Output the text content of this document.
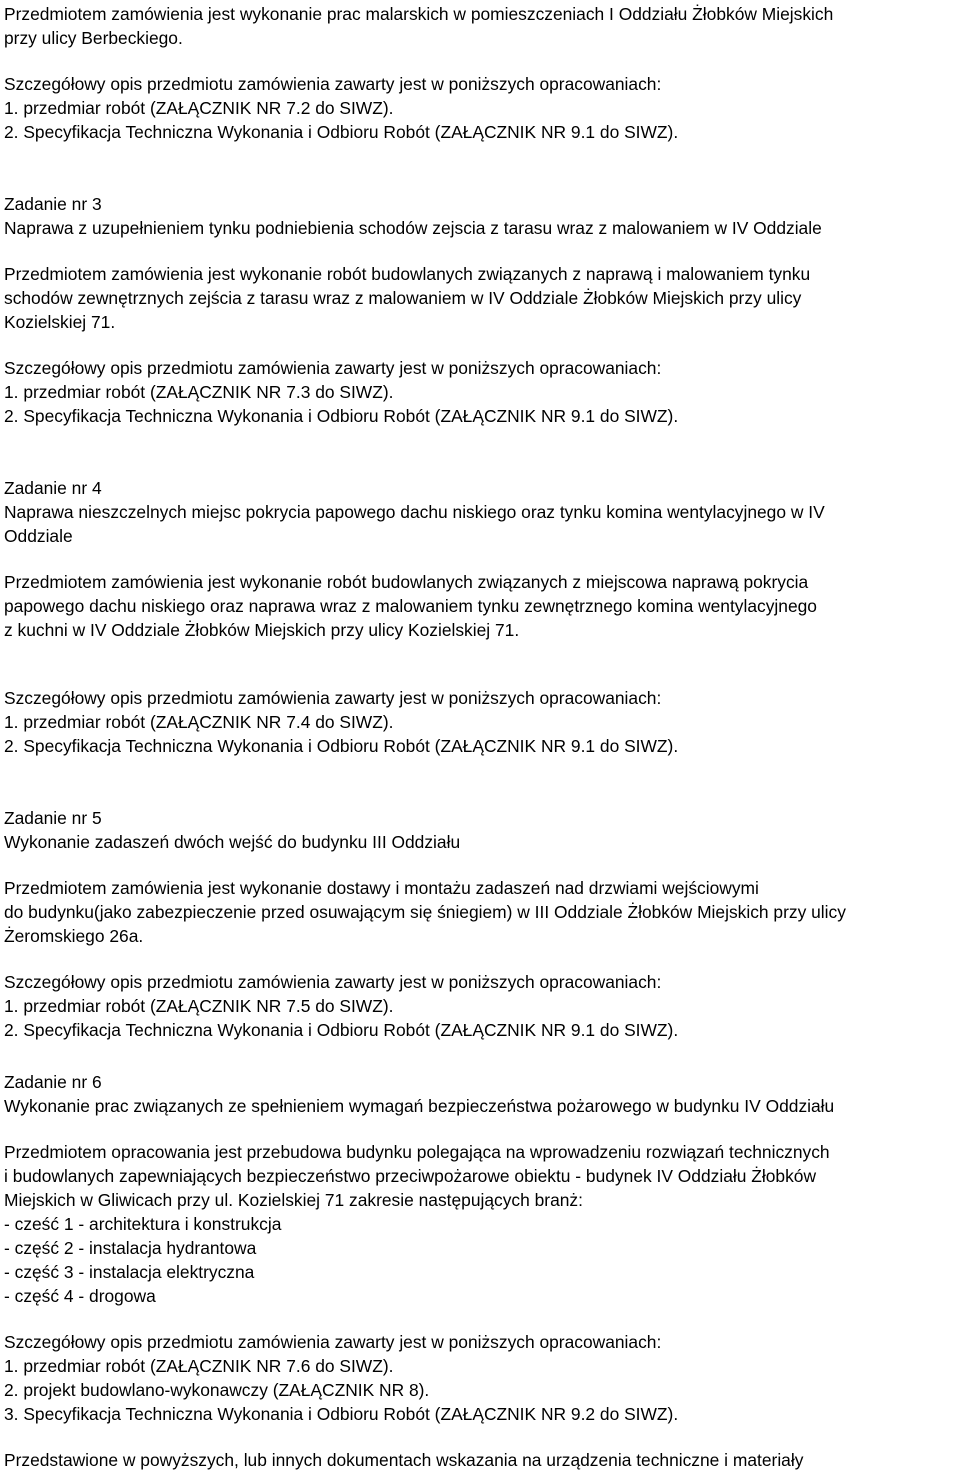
Przedmiotem zamówienia jest wykonanie prac malarskich w pomieszczeniach I Oddziału Żłobków Miejskich
przy ulicy Berbeckiego.
Szczegółowy opis przedmiotu zamówienia zawarty jest w poniższych opracowaniach:
1. przedmiar robót (ZAŁĄCZNIK NR 7.2 do SIWZ).
2. Specyfikacja Techniczna Wykonania i Odbioru Robót (ZAŁĄCZNIK NR 9.1 do SIWZ).
Zadanie nr 3
Naprawa z uzupełnieniem tynku podniebienia schodów zejscia z tarasu wraz z malowaniem w IV Oddziale
Przedmiotem zamówienia jest wykonanie robót budowlanych związanych z naprawą i malowaniem tynku
schodów zewnętrznych zejścia z tarasu wraz z malowaniem w IV Oddziale Żłobków Miejskich przy ulicy
Kozielskiej 71.
Szczegółowy opis przedmiotu zamówienia zawarty jest w poniższych opracowaniach:
1. przedmiar robót (ZAŁĄCZNIK NR 7.3 do SIWZ).
2. Specyfikacja Techniczna Wykonania i Odbioru Robót (ZAŁĄCZNIK NR 9.1 do SIWZ).
Zadanie nr 4
Naprawa nieszczelnych miejsc pokrycia papowego dachu niskiego oraz tynku komina wentylacyjnego w IV
Oddziale
Przedmiotem zamówienia jest wykonanie robót budowlanych związanych z miejscowa naprawą pokrycia
papowego dachu niskiego oraz naprawa wraz z malowaniem tynku zewnętrznego komina wentylacyjnego
z kuchni w IV Oddziale Żłobków Miejskich przy ulicy Kozielskiej 71.
Szczegółowy opis przedmiotu zamówienia zawarty jest w poniższych opracowaniach:
1. przedmiar robót (ZAŁĄCZNIK NR 7.4 do SIWZ).
2. Specyfikacja Techniczna Wykonania i Odbioru Robót (ZAŁĄCZNIK NR 9.1 do SIWZ).
Zadanie nr 5
Wykonanie zadaszeń dwóch wejść do budynku III Oddziału
Przedmiotem zamówienia jest wykonanie dostawy i montażu zadaszeń nad drzwiami wejściowymi
do budynku(jako zabezpieczenie przed osuwającym się śniegiem) w III Oddziale Żłobków Miejskich przy ulicy
Żeromskiego 26a.
Szczegółowy opis przedmiotu zamówienia zawarty jest w poniższych opracowaniach:
1. przedmiar robót (ZAŁĄCZNIK NR 7.5 do SIWZ).
2. Specyfikacja Techniczna Wykonania i Odbioru Robót (ZAŁĄCZNIK NR 9.1 do SIWZ).
Zadanie nr 6
Wykonanie prac związanych ze spełnieniem wymagań bezpieczeństwa pożarowego w budynku IV Oddziału
Przedmiotem opracowania jest przebudowa budynku polegająca na wprowadzeniu rozwiązań technicznych
i budowlanych zapewniających bezpieczeństwo przeciwpożarowe obiektu - budynek IV Oddziału Żłobków
Miejskich w Gliwicach przy ul. Kozielskiej 71 zakresie następujących branż:
- cześć 1 - architektura i konstrukcja
- część 2 - instalacja hydrantowa
- część 3 - instalacja elektryczna
- część 4 - drogowa
Szczegółowy opis przedmiotu zamówienia zawarty jest w poniższych opracowaniach:
1. przedmiar robót (ZAŁĄCZNIK NR 7.6 do SIWZ).
2. projekt budowlano-wykonawczy (ZAŁĄCZNIK NR 8).
3. Specyfikacja Techniczna Wykonania i Odbioru Robót (ZAŁĄCZNIK NR 9.2 do SIWZ).
Przedstawione w powyższych, lub innych dokumentach wskazania na urządzenia techniczne i materiały
